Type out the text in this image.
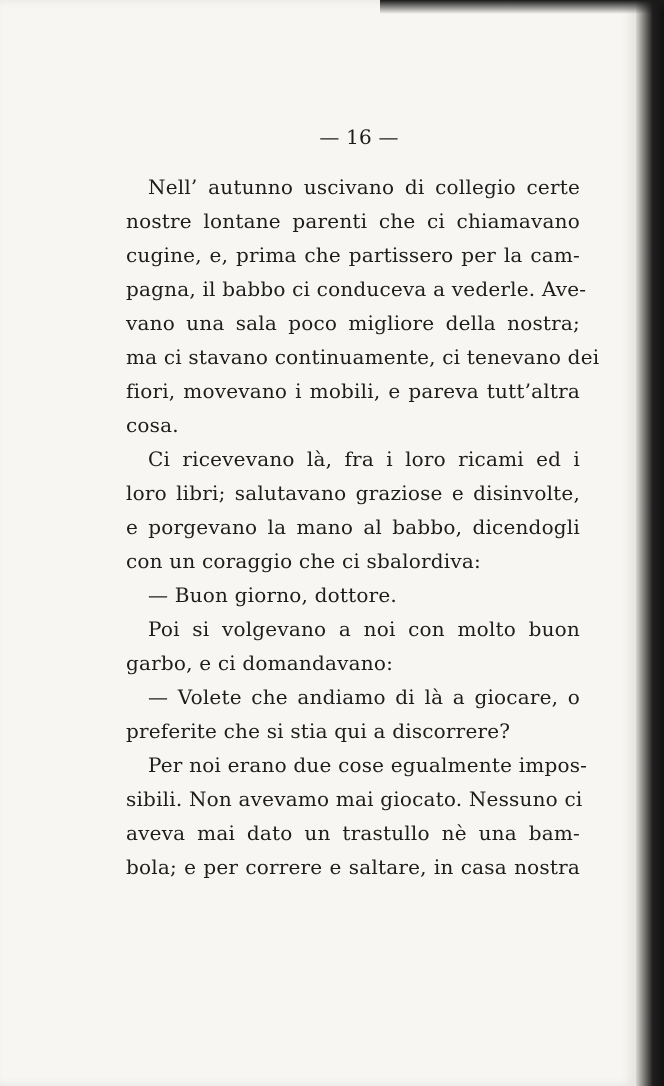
— 16 —
Nell’ autunno uscivano di collegio certe
nostre lontane parenti che ci chiamavano
cugine, e, prima che partissero per la cam-
pagna, il babbo ci conduceva a vederle. Ave-
vano una sala poco migliore della nostra;
ma ci stavano continuamente, ci tenevano dei
fiori, movevano i mobili, e pareva tutt’altra
cosa.
Ci ricevevano là, fra i loro ricami ed i
loro libri; salutavano graziose e disinvolte,
e porgevano la mano al babbo, dicendogli
con un coraggio che ci sbalordiva:
— Buon giorno, dottore.
Poi si volgevano a noi con molto buon
garbo, e ci domandavano:
— Volete che andiamo di là a giocare, o
preferite che si stia qui a discorrere?
Per noi erano due cose egualmente impos-
sibili. Non avevamo mai giocato. Nessuno ci
aveva mai dato un trastullo nè una bam-
bola; e per correre e saltare, in casa nostra
